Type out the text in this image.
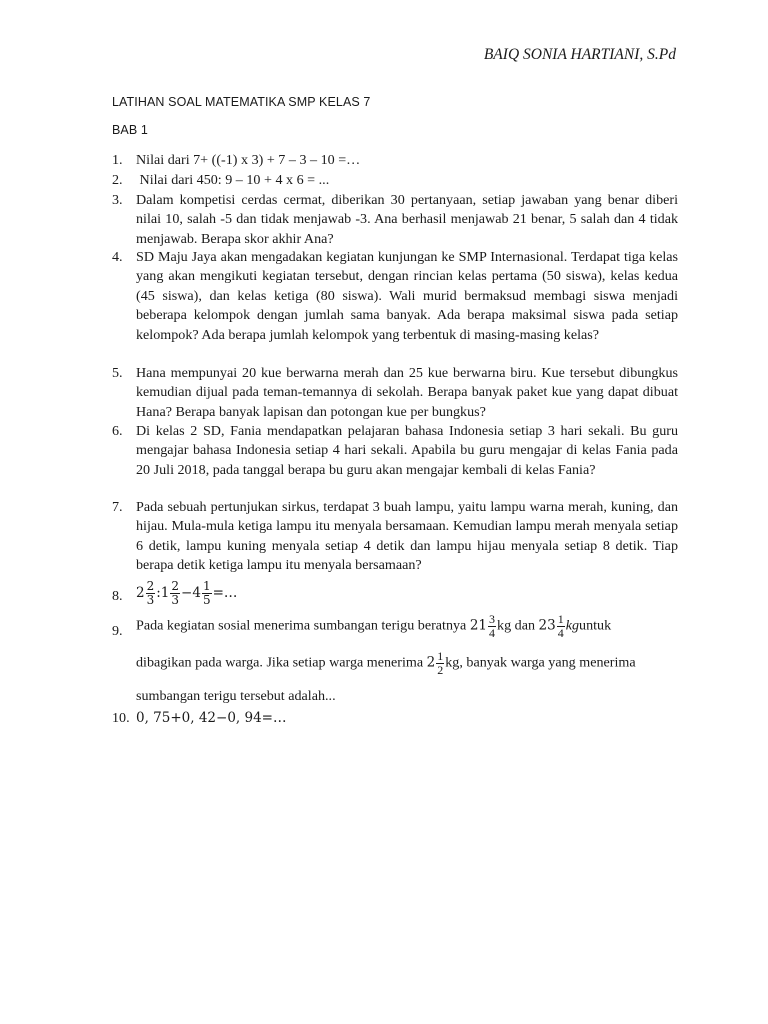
BAIQ SONIA HARTIANI, S.Pd
LATIHAN SOAL MATEMATIKA SMP KELAS 7
BAB 1
1. Nilai dari 7+ ((-1) x 3) + 7 – 3 – 10 =…
2. Nilai dari 450: 9 – 10 + 4 x 6 = ...
3. Dalam kompetisi cerdas cermat, diberikan 30 pertanyaan, setiap jawaban yang benar diberi nilai 10, salah -5 dan tidak menjawab -3. Ana berhasil menjawab 21 benar, 5 salah dan 4 tidak menjawab. Berapa skor akhir Ana?
4. SD Maju Jaya akan mengadakan kegiatan kunjungan ke SMP Internasional. Terdapat tiga kelas yang akan mengikuti kegiatan tersebut, dengan rincian kelas pertama (50 siswa), kelas kedua (45 siswa), dan kelas ketiga (80 siswa). Wali murid bermaksud membagi siswa menjadi beberapa kelompok dengan jumlah sama banyak. Ada berapa maksimal siswa pada setiap kelompok? Ada berapa jumlah kelompok yang terbentuk di masing-masing kelas?
5. Hana mempunyai 20 kue berwarna merah dan 25 kue berwarna biru. Kue tersebut dibungkus kemudian dijual pada teman-temannya di sekolah. Berapa banyak paket kue yang dapat dibuat Hana? Berapa banyak lapisan dan potongan kue per bungkus?
6. Di kelas 2 SD, Fania mendapatkan pelajaran bahasa Indonesia setiap 3 hari sekali. Bu guru mengajar bahasa Indonesia setiap 4 hari sekali. Apabila bu guru mengajar di kelas Fania pada 20 Juli 2018, pada tanggal berapa bu guru akan mengajar kembali di kelas Fania?
7. Pada sebuah pertunjukan sirkus, terdapat 3 buah lampu, yaitu lampu warna merah, kuning, dan hijau. Mula-mula ketiga lampu itu menyala bersamaan. Kemudian lampu merah menyala setiap 6 detik, lampu kuning menyala setiap 4 detik dan lampu hijau menyala setiap 8 detik. Tiap berapa detik ketiga lampu itu menyala bersamaan?
8. $2 \frac{2}{3}$ :1 $\frac{2}{3} -4 \frac{1}{5}$ =…
9. Pada kegiatan sosial menerima sumbangan terigu beratnya $21 \frac{3}{4}$ kg dan $23 \frac{1}{4}$ kguntuk
dibagikan pada warga. Jika setiap warga menerima $2 \frac{1}{2}$ kg, banyak warga yang menerima
sumbangan terigu tersebut adalah...
10. 0, 75+0, 42−0, 94=…
